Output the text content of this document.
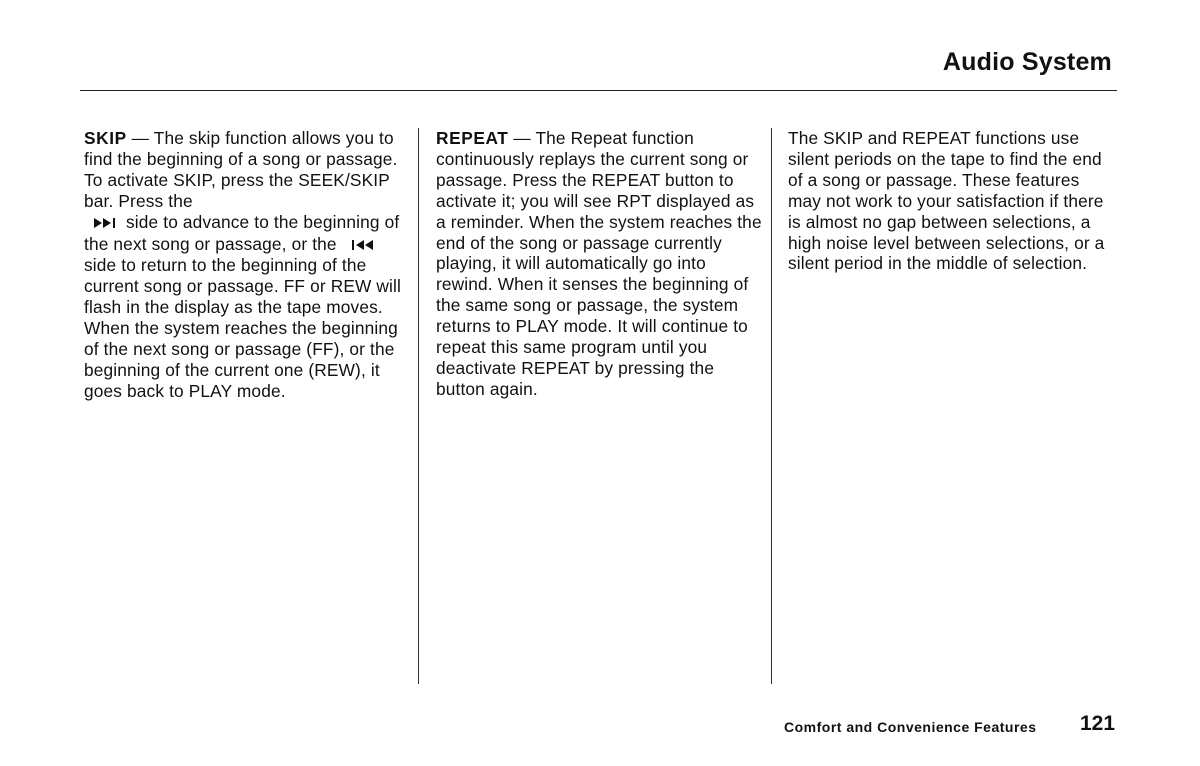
Audio System

SKIP — The skip function allows you to find the beginning of a song or passage. To activate SKIP, press the SEEK/SKIP bar. Press the
side to advance to the beginning of the next song or passage, or the side to return to the beginning of the current song or passage. FF or REW will flash in the display as the tape moves. When the system reaches the beginning of the next song or passage (FF), or the beginning of the current one (REW), it goes back to PLAY mode.

REPEAT — The Repeat function continuously replays the current song or passage. Press the REPEAT button to activate it; you will see RPT displayed as a reminder. When the system reaches the end of the song or passage currently playing, it will automatically go into rewind. When it senses the beginning of the same song or passage, the system returns to PLAY mode. It will continue to repeat this same program until you deactivate REPEAT by pressing the button again.

The SKIP and REPEAT functions use silent periods on the tape to find the end of a song or passage. These features may not work to your satisfaction if there is almost no gap between selections, a high noise level between selections, or a silent period in the middle of selection.

Comfort and Convenience Features 121
